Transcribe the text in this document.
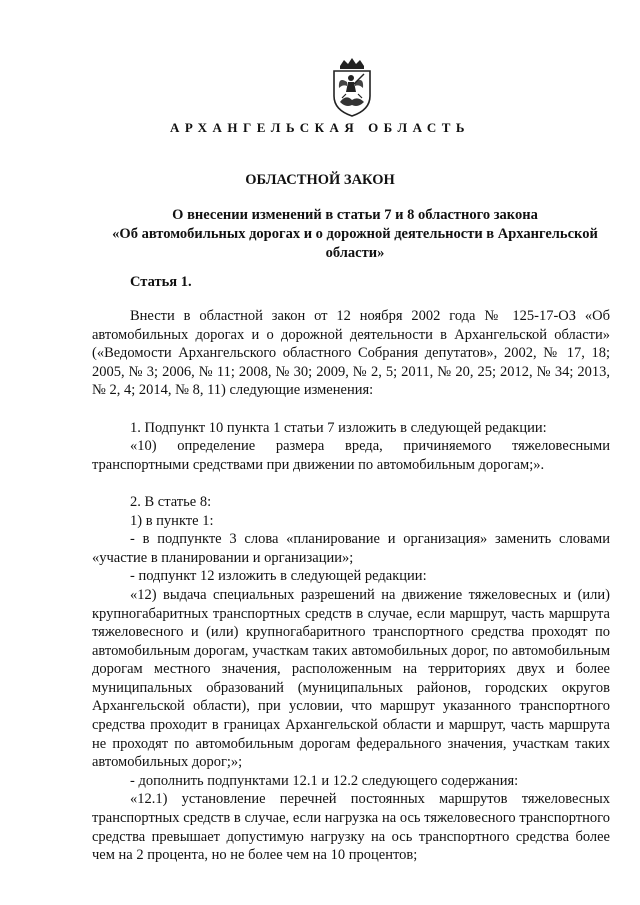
АРХАНГЕЛЬСКАЯ ОБЛАСТЬ
ОБЛАСТНОЙ ЗАКОН
О внесении изменений в статьи 7 и 8 областного закона
«Об автомобильных дорогах и о дорожной деятельности в Архангельской области»
Статья 1.

Внести в областной закон от 12 ноября 2002 года № 125-17-ОЗ «Об автомобильных дорогах и о дорожной деятельности в Архангельской области» («Ведомости Архангельского областного Собрания депутатов», 2002, № 17, 18; 2005, № 3; 2006, № 11; 2008, № 30; 2009, № 2, 5; 2011, № 20, 25; 2012, № 34; 2013, № 2, 4; 2014, № 8, 11) следующие изменения:

1. Подпункт 10 пункта 1 статьи 7 изложить в следующей редакции:

«10) определение размера вреда, причиняемого тяжеловесными транспортными средствами при движении по автомобильным дорогам;».

2. В статье 8:

1) в пункте 1:

- в подпункте 3 слова «планирование и организация» заменить словами «участие в планировании и организации»;

- подпункт 12 изложить в следующей редакции:

«12) выдача специальных разрешений на движение тяжеловесных и (или) крупногабаритных транспортных средств в случае, если маршрут, часть маршрута тяжеловесного и (или) крупногабаритного транспортного средства проходят по автомобильным дорогам, участкам таких автомобильных дорог, по автомобильным дорогам местного значения, расположенным на территориях двух и более муниципальных образований (муниципальных районов, городских округов Архангельской области), при условии, что маршрут указанного транспортного средства проходит в границах Архангельской области и маршрут, часть маршрута не проходят по автомобильным дорогам федерального значения, участкам таких автомобильных дорог;»;

- дополнить подпунктами 12.1 и 12.2 следующего содержания:

«12.1) установление перечней постоянных маршрутов тяжеловесных транспортных средств в случае, если нагрузка на ось тяжеловесного транспортного средства превышает допустимую нагрузку на ось транспортного средства более чем на 2 процента, но не более чем на 10 процентов;
